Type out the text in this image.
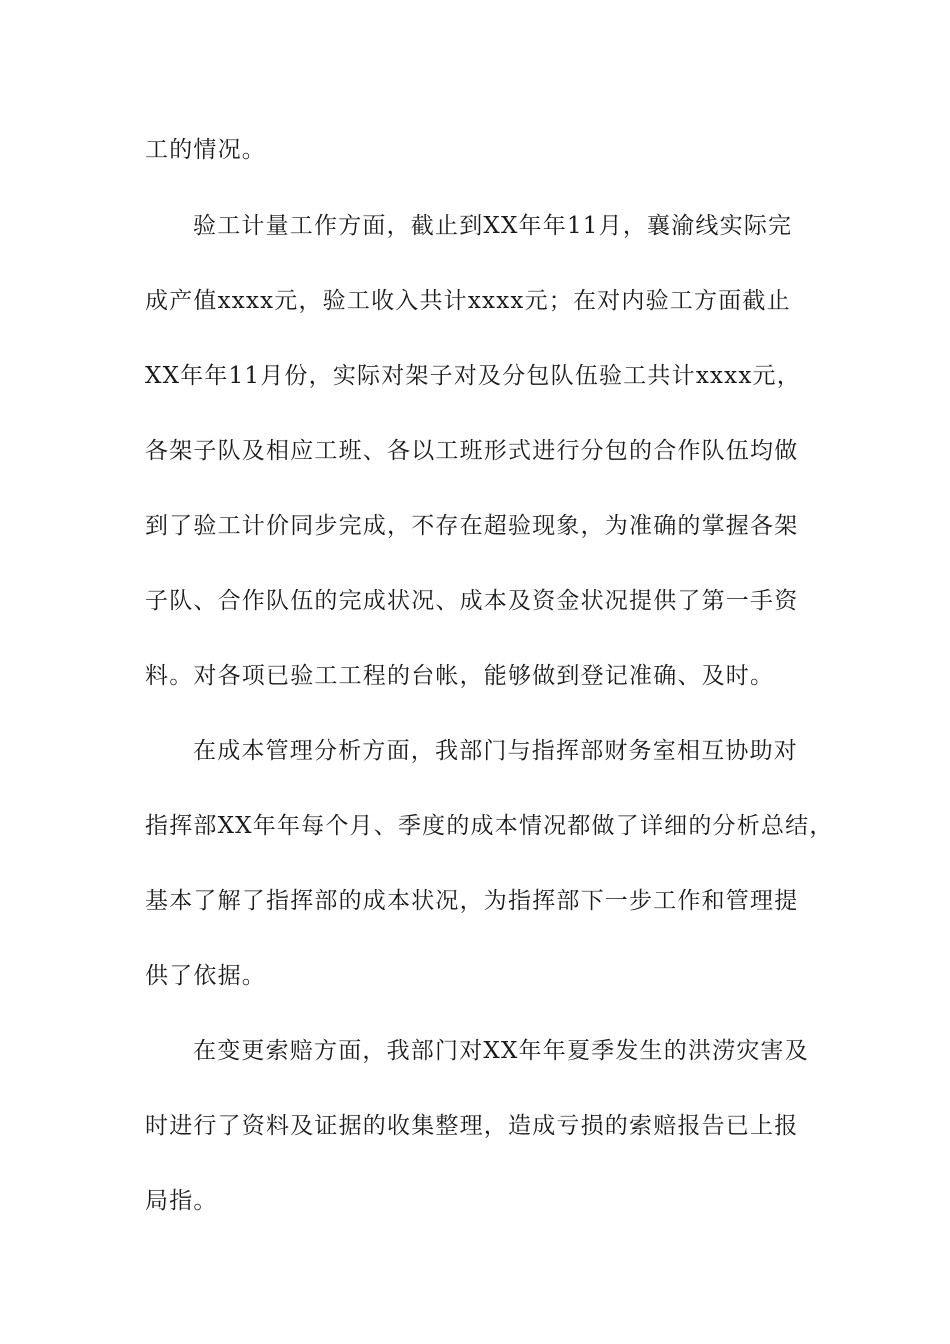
工的情况。
验工计量工作方面，截止到XX年年11月，襄渝线实际完
成产值xxxx元，验工收入共计xxxx元；在对内验工方面截止
XX年年11月份，实际对架子对及分包队伍验工共计xxxx元，
各架子队及相应工班、各以工班形式进行分包的合作队伍均做
到了验工计价同步完成，不存在超验现象，为准确的掌握各架
子队、合作队伍的完成状况、成本及资金状况提供了第一手资
料。对各项已验工工程的台帐，能够做到登记准确、及时。
在成本管理分析方面，我部门与指挥部财务室相互协助对
指挥部XX年年每个月、季度的成本情况都做了详细的分析总结，
基本了解了指挥部的成本状况，为指挥部下一步工作和管理提
供了依据。
在变更索赔方面，我部门对XX年年夏季发生的洪涝灾害及
时进行了资料及证据的收集整理，造成亏损的索赔报告已上报
局指。
